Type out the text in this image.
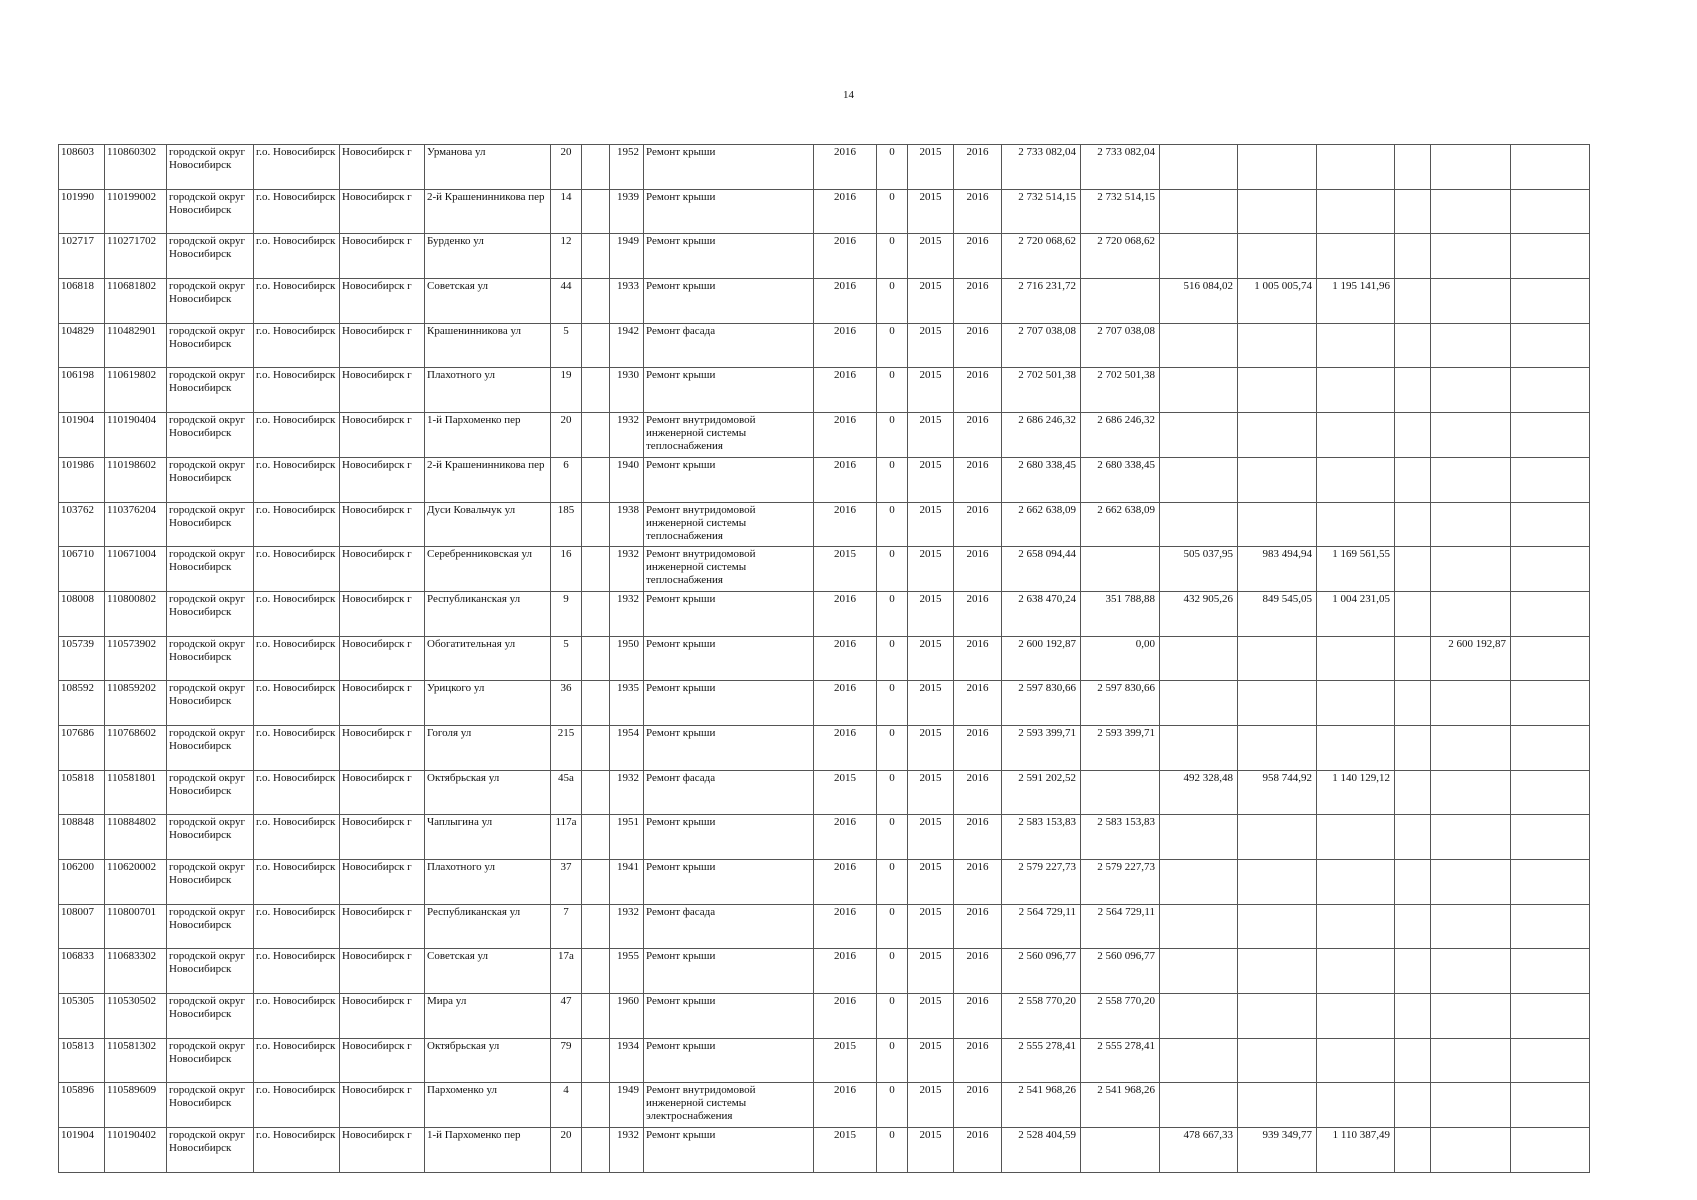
14
108603	110860302	городской округ Новосибирск	г.о. Новосибирск	Новосибирск г	Урманова ул	20		1952	Ремонт крыши	2016	0	2015	2016	2 733 082,04	2 733 082,04						
101990	110199002	городской округ Новосибирск	г.о. Новосибирск	Новосибирск г	2-й Крашенинникова пер	14		1939	Ремонт крыши	2016	0	2015	2016	2 732 514,15	2 732 514,15						
102717	110271702	городской округ Новосибирск	г.о. Новосибирск	Новосибирск г	Бурденко ул	12		1949	Ремонт крыши	2016	0	2015	2016	2 720 068,62	2 720 068,62						
106818	110681802	городской округ Новосибирск	г.о. Новосибирск	Новосибирск г	Советская ул	44		1933	Ремонт крыши	2016	0	2015	2016	2 716 231,72		516 084,02	1 005 005,74	1 195 141,96			
104829	110482901	городской округ Новосибирск	г.о. Новосибирск	Новосибирск г	Крашенинникова ул	5		1942	Ремонт фасада	2016	0	2015	2016	2 707 038,08	2 707 038,08						
106198	110619802	городской округ Новосибирск	г.о. Новосибирск	Новосибирск г	Плахотного ул	19		1930	Ремонт крыши	2016	0	2015	2016	2 702 501,38	2 702 501,38						
101904	110190404	городской округ Новосибирск	г.о. Новосибирск	Новосибирск г	1-й Пархоменко пер	20		1932	Ремонт внутридомовой инженерной системы теплоснабжения	2016	0	2015	2016	2 686 246,32	2 686 246,32						
101986	110198602	городской округ Новосибирск	г.о. Новосибирск	Новосибирск г	2-й Крашенинникова пер	6		1940	Ремонт крыши	2016	0	2015	2016	2 680 338,45	2 680 338,45						
103762	110376204	городской округ Новосибирск	г.о. Новосибирск	Новосибирск г	Дуси Ковальчук ул	185		1938	Ремонт внутридомовой инженерной системы теплоснабжения	2016	0	2015	2016	2 662 638,09	2 662 638,09						
106710	110671004	городской округ Новосибирск	г.о. Новосибирск	Новосибирск г	Серебренниковская ул	16		1932	Ремонт внутридомовой инженерной системы теплоснабжения	2015	0	2015	2016	2 658 094,44		505 037,95	983 494,94	1 169 561,55			
108008	110800802	городской округ Новосибирск	г.о. Новосибирск	Новосибирск г	Республиканская ул	9		1932	Ремонт крыши	2016	0	2015	2016	2 638 470,24	351 788,88	432 905,26	849 545,05	1 004 231,05			
105739	110573902	городской округ Новосибирск	г.о. Новосибирск	Новосибирск г	Обогатительная ул	5		1950	Ремонт крыши	2016	0	2015	2016	2 600 192,87	0,00					2 600 192,87	
108592	110859202	городской округ Новосибирск	г.о. Новосибирск	Новосибирск г	Урицкого ул	36		1935	Ремонт крыши	2016	0	2015	2016	2 597 830,66	2 597 830,66						
107686	110768602	городской округ Новосибирск	г.о. Новосибирск	Новосибирск г	Гоголя ул	215		1954	Ремонт крыши	2016	0	2015	2016	2 593 399,71	2 593 399,71						
105818	110581801	городской округ Новосибирск	г.о. Новосибирск	Новосибирск г	Октябрьская ул	45а		1932	Ремонт фасада	2015	0	2015	2016	2 591 202,52		492 328,48	958 744,92	1 140 129,12			
108848	110884802	городской округ Новосибирск	г.о. Новосибирск	Новосибирск г	Чаплыгина ул	117а		1951	Ремонт крыши	2016	0	2015	2016	2 583 153,83	2 583 153,83						
106200	110620002	городской округ Новосибирск	г.о. Новосибирск	Новосибирск г	Плахотного ул	37		1941	Ремонт крыши	2016	0	2015	2016	2 579 227,73	2 579 227,73						
108007	110800701	городской округ Новосибирск	г.о. Новосибирск	Новосибирск г	Республиканская ул	7		1932	Ремонт фасада	2016	0	2015	2016	2 564 729,11	2 564 729,11						
106833	110683302	городской округ Новосибирск	г.о. Новосибирск	Новосибирск г	Советская ул	17а		1955	Ремонт крыши	2016	0	2015	2016	2 560 096,77	2 560 096,77						
105305	110530502	городской округ Новосибирск	г.о. Новосибирск	Новосибирск г	Мира ул	47		1960	Ремонт крыши	2016	0	2015	2016	2 558 770,20	2 558 770,20						
105813	110581302	городской округ Новосибирск	г.о. Новосибирск	Новосибирск г	Октябрьская ул	79		1934	Ремонт крыши	2015	0	2015	2016	2 555 278,41	2 555 278,41						
105896	110589609	городской округ Новосибирск	г.о. Новосибирск	Новосибирск г	Пархоменко ул	4		1949	Ремонт внутридомовой инженерной системы электроснабжения	2016	0	2015	2016	2 541 968,26	2 541 968,26						
101904	110190402	городской округ Новосибирск	г.о. Новосибирск	Новосибирск г	1-й Пархоменко пер	20		1932	Ремонт крыши	2015	0	2015	2016	2 528 404,59		478 667,33	939 349,77	1 110 387,49			
